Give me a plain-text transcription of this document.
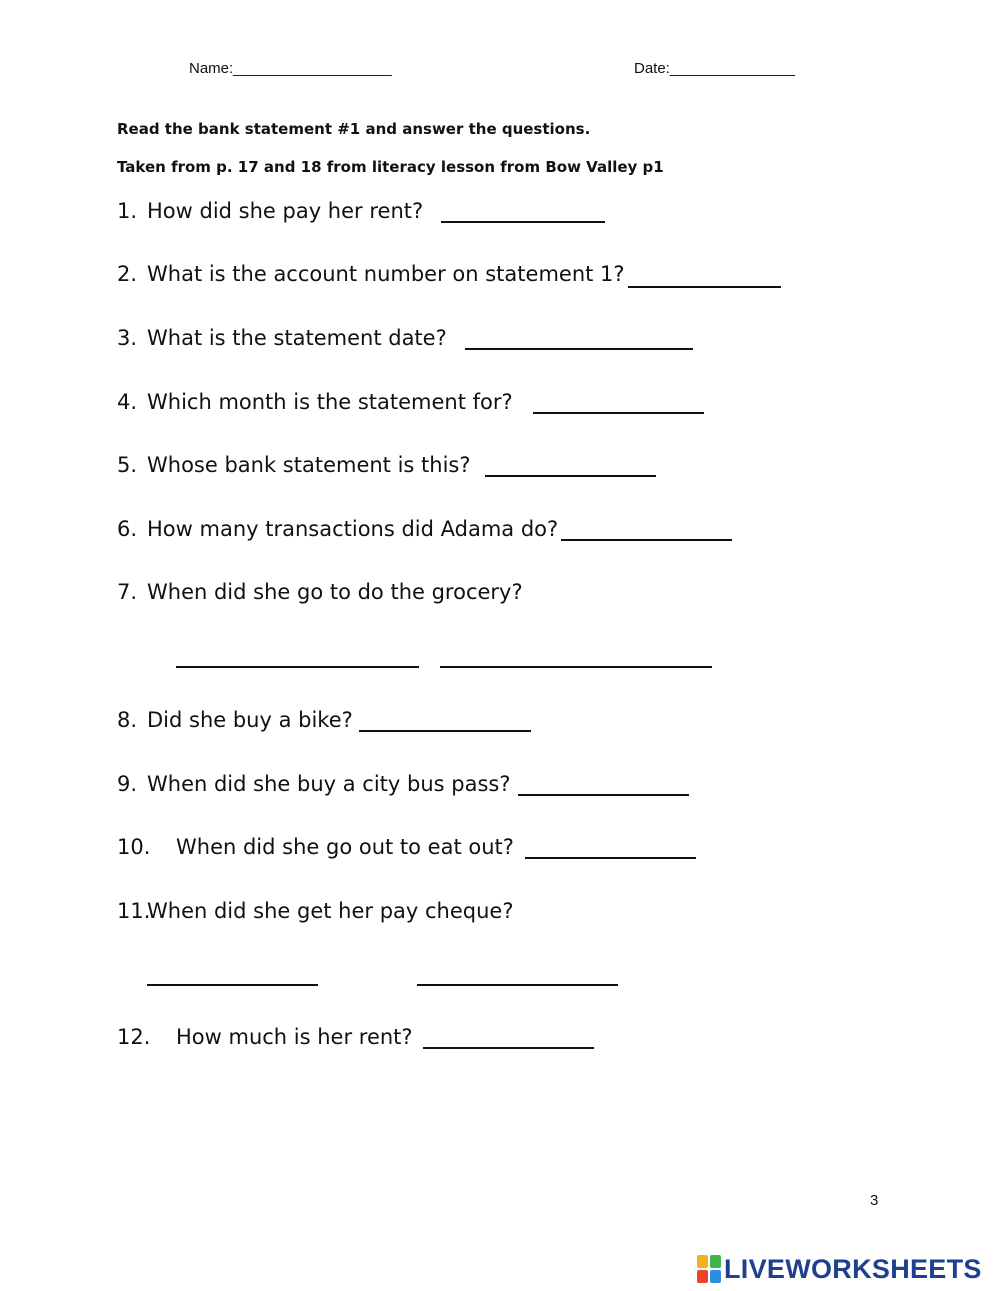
Name:___________________	Date:_______________
Read the bank statement #1 and answer the questions.
Taken from p. 17 and 18 from literacy lesson from Bow Valley p1
1. How did she pay her rent?
2. What is the account number on statement 1?
3. What is the statement date?
4. Which month is the statement for?
5. Whose bank statement is this?
6. How many transactions did Adama do?
7. When did she go to do the grocery?
8. Did she buy a bike?
9. When did she buy a city bus pass?
10. When did she go out to eat out?
11.When did she get her pay cheque?
12. How much is her rent?
3
LIVEWORKSHEETS
